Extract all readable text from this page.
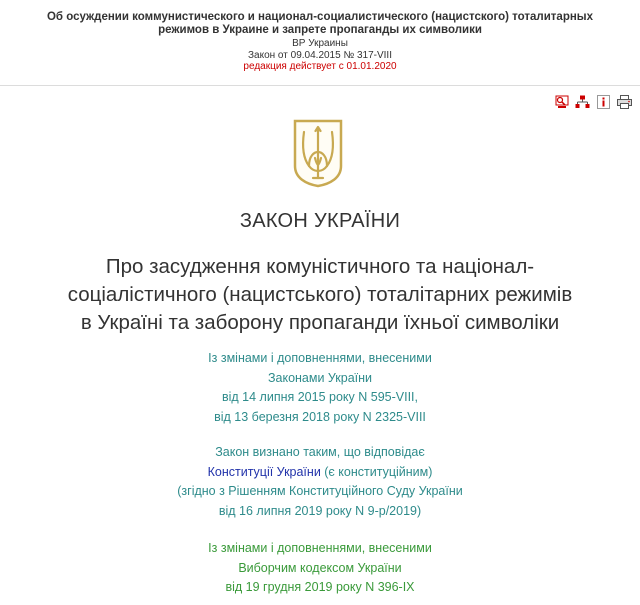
Об осуждении коммунистического и национал-социалистического (нацистского) тоталитарных
режимов в Украине и запрете пропаганды их символики
ВР Украины
Закон от 09.04.2015 № 317-VIII
редакция действует с 01.01.2020
ЗАКОН УКРАЇНИ
Про засудження комуністичного та націонал-
соціалістичного (нацистського) тоталітарних режимів
в Україні та заборону пропаганди їхньої символіки
Із змінами і доповненнями, внесеними
Законами України
від 14 липня 2015 року N 595-VIII,
від 13 березня 2018 року N 2325-VIII
Закон визнано таким, що відповідає
Конституції України (є конституційним)
(згідно з Рішенням Конституційного Суду України
від 16 липня 2019 року N 9-р/2019)
Із змінами і доповненнями, внесеними
Виборчим кодексом України
від 19 грудня 2019 року N 396-IX
